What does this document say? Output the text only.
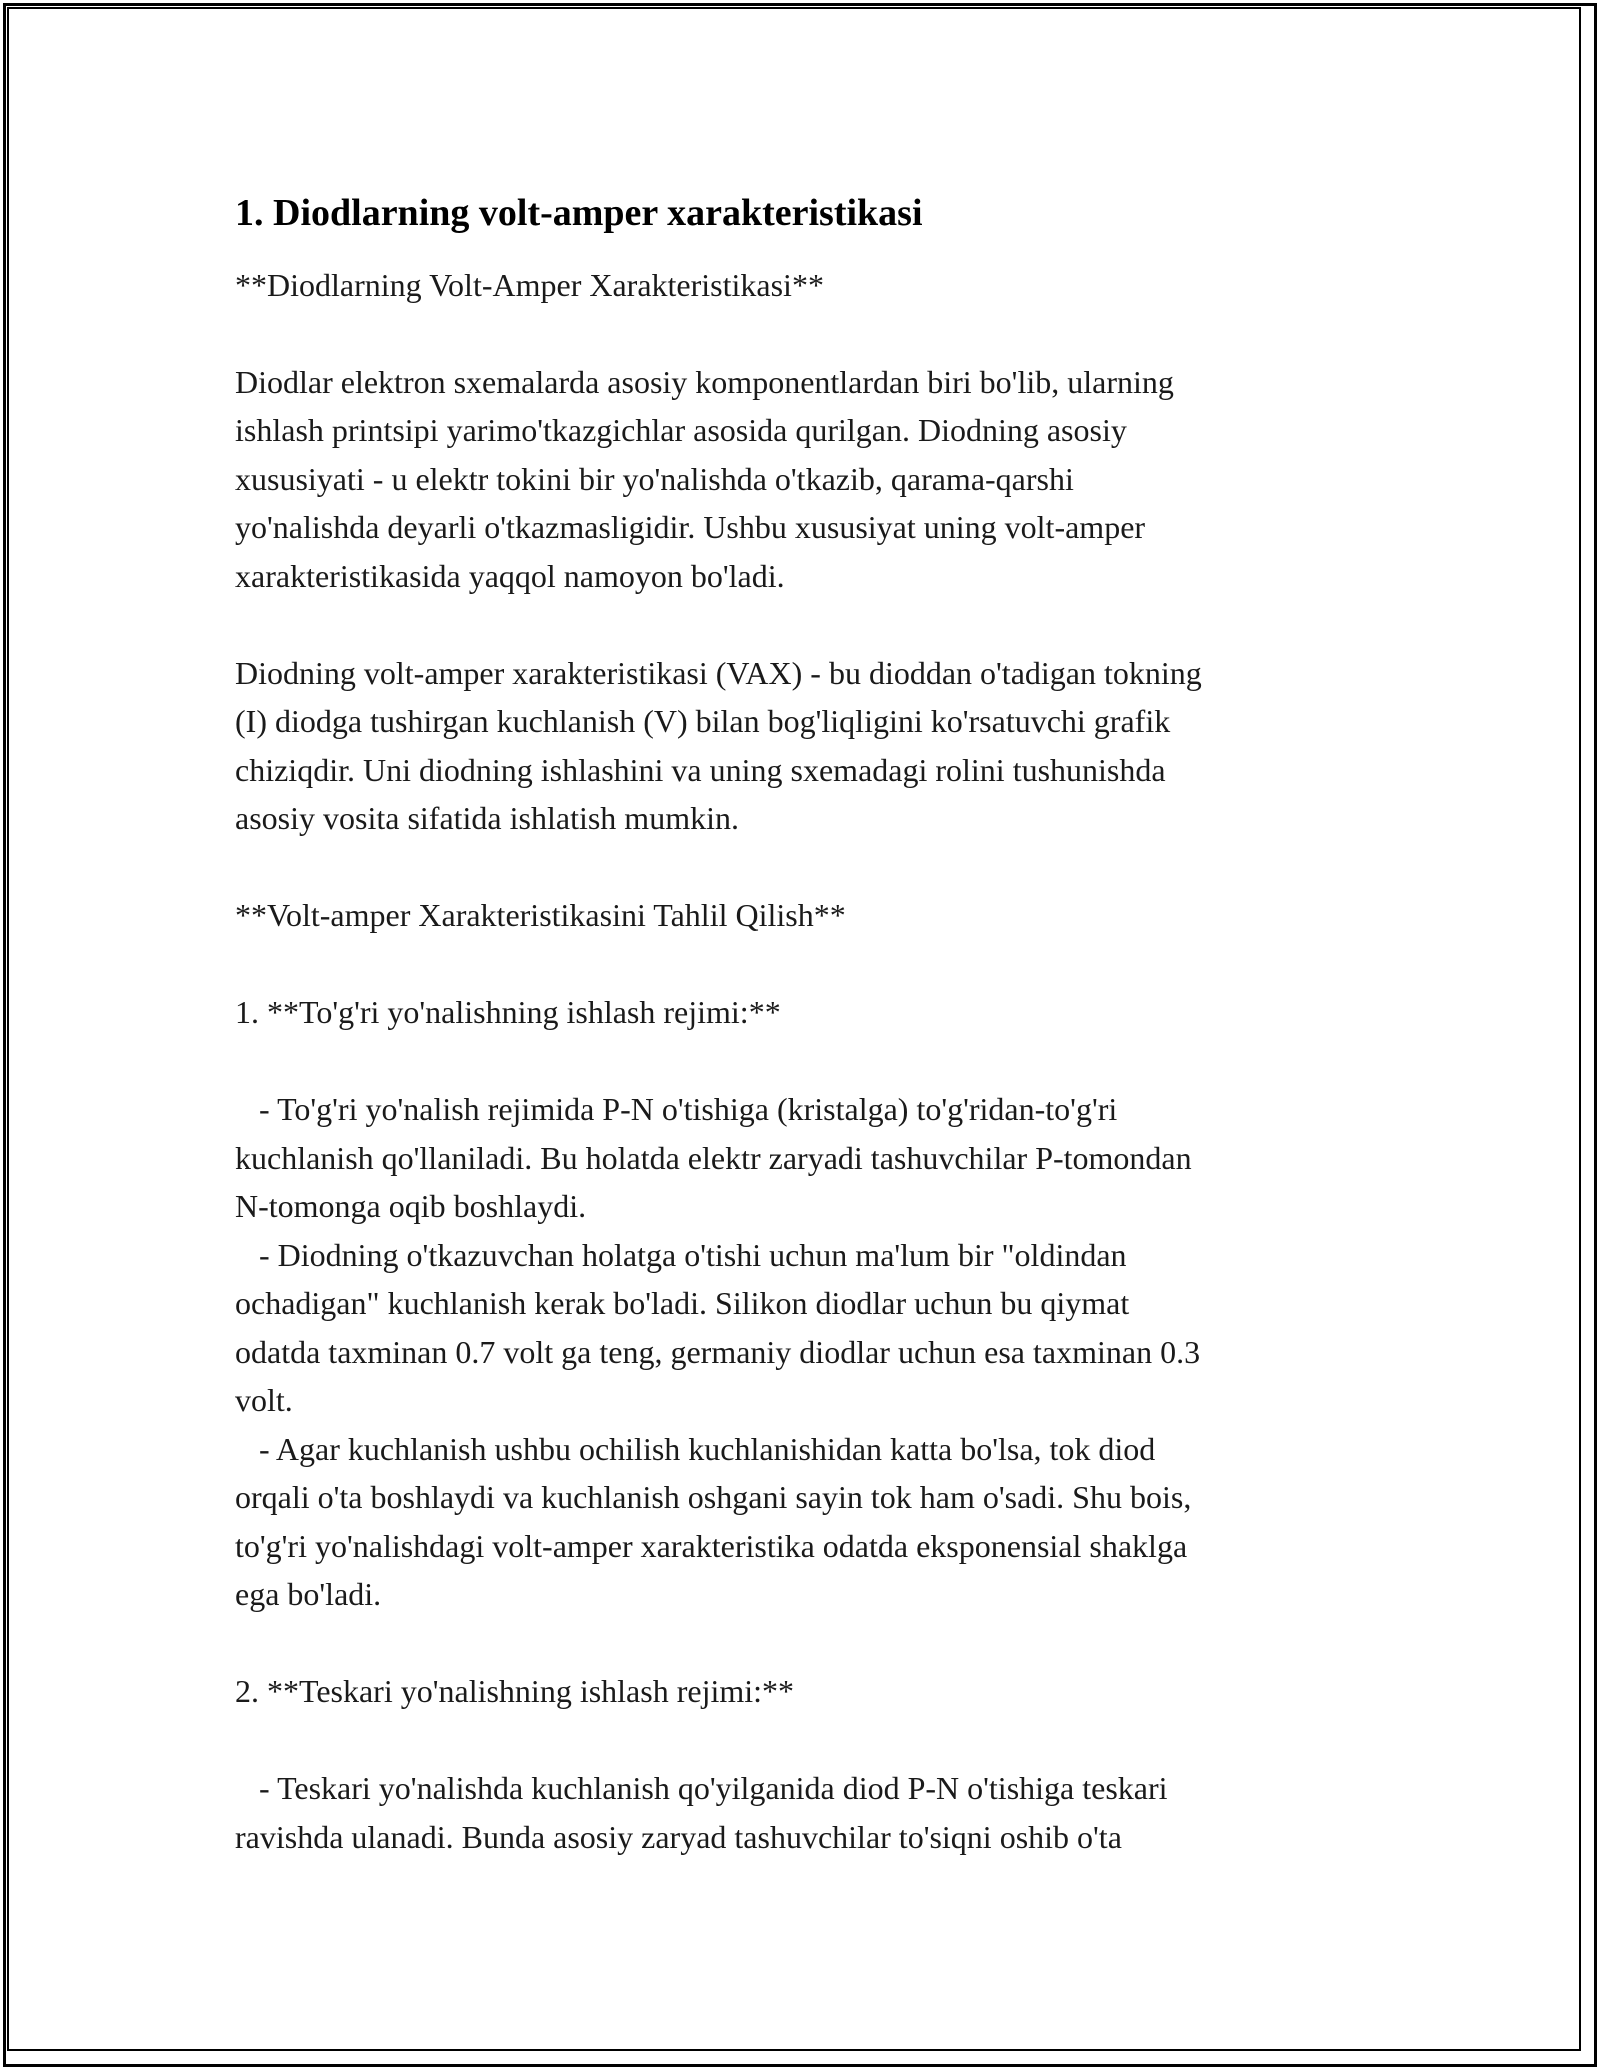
1. Diodlarning volt-amper xarakteristikasi

**Diodlarning Volt-Amper Xarakteristikasi**

Diodlar elektron sxemalarda asosiy komponentlardan biri bo'lib, ularning
ishlash printsipi yarimo'tkazgichlar asosida qurilgan. Diodning asosiy
xususiyati - u elektr tokini bir yo'nalishda o'tkazib, qarama-qarshi
yo'nalishda deyarli o'tkazmasligidir. Ushbu xususiyat uning volt-amper
xarakteristikasida yaqqol namoyon bo'ladi.

Diodning volt-amper xarakteristikasi (VAX) - bu dioddan o'tadigan tokning
(I) diodga tushirgan kuchlanish (V) bilan bog'liqligini ko'rsatuvchi grafik
chiziqdir. Uni diodning ishlashini va uning sxemadagi rolini tushunishda
asosiy vosita sifatida ishlatish mumkin.

**Volt-amper Xarakteristikasini Tahlil Qilish**

1. **To'g'ri yo'nalishning ishlash rejimi:**

- To'g'ri yo'nalish rejimida P-N o'tishiga (kristalga) to'g'ridan-to'g'ri
kuchlanish qo'llaniladi. Bu holatda elektr zaryadi tashuvchilar P-tomondan
N-tomonga oqib boshlaydi.
- Diodning o'tkazuvchan holatga o'tishi uchun ma'lum bir "oldindan
ochadigan" kuchlanish kerak bo'ladi. Silikon diodlar uchun bu qiymat
odatda taxminan 0.7 volt ga teng, germaniy diodlar uchun esa taxminan 0.3
volt.
- Agar kuchlanish ushbu ochilish kuchlanishidan katta bo'lsa, tok diod
orqali o'ta boshlaydi va kuchlanish oshgani sayin tok ham o'sadi. Shu bois,
to'g'ri yo'nalishdagi volt-amper xarakteristika odatda eksponensial shaklga
ega bo'ladi.

2. **Teskari yo'nalishning ishlash rejimi:**

- Teskari yo'nalishda kuchlanish qo'yilganida diod P-N o'tishiga teskari
ravishda ulanadi. Bunda asosiy zaryad tashuvchilar to'siqni oshib o'ta
